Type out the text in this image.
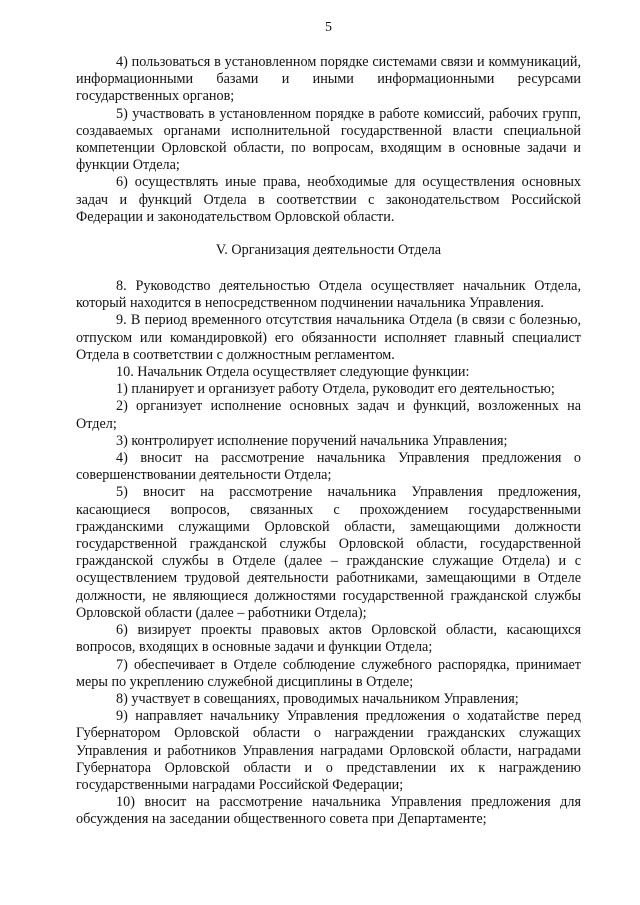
5

4) пользоваться в установленном порядке системами связи и коммуникаций, информационными базами и иными информационными ресурсами государственных органов;

5) участвовать в установленном порядке в работе комиссий, рабочих групп, создаваемых органами исполнительной государственной власти специальной компетенции Орловской области, по вопросам, входящим в основные задачи и функции Отдела;

6) осуществлять иные права, необходимые для осуществления основных задач и функций Отдела в соответствии с законодательством Российской Федерации и законодательством Орловской области.

V. Организация деятельности Отдела

8. Руководство деятельностью Отдела осуществляет начальник Отдела, который находится в непосредственном подчинении начальника Управления.

9. В период временного отсутствия начальника Отдела (в связи с болезнью, отпуском или командировкой) его обязанности исполняет главный специалист Отдела в соответствии с должностным регламентом.

10. Начальник Отдела осуществляет следующие функции:

1) планирует и организует работу Отдела, руководит его деятельностью;

2) организует исполнение основных задач и функций, возложенных на Отдел;

3) контролирует исполнение поручений начальника Управления;

4) вносит на рассмотрение начальника Управления предложения о совершенствовании деятельности Отдела;

5) вносит на рассмотрение начальника Управления предложения, касающиеся вопросов, связанных с прохождением государственными гражданскими служащими Орловской области, замещающими должности государственной гражданской службы Орловской области, государственной гражданской службы в Отделе (далее – гражданские служащие Отдела) и с осуществлением трудовой деятельности работниками, замещающими в Отделе должности, не являющиеся должностями государственной гражданской службы Орловской области (далее – работники Отдела);

6) визирует проекты правовых актов Орловской области, касающихся вопросов, входящих в основные задачи и функции Отдела;

7) обеспечивает в Отделе соблюдение служебного распорядка, принимает меры по укреплению служебной дисциплины в Отделе;

8) участвует в совещаниях, проводимых начальником Управления;

9) направляет начальнику Управления предложения о ходатайстве перед Губернатором Орловской области о награждении гражданских служащих Управления и работников Управления наградами Орловской области, наградами Губернатора Орловской области и о представлении их к награждению государственными наградами Российской Федерации;

10) вносит на рассмотрение начальника Управления предложения для обсуждения на заседании общественного совета при Департаменте;
